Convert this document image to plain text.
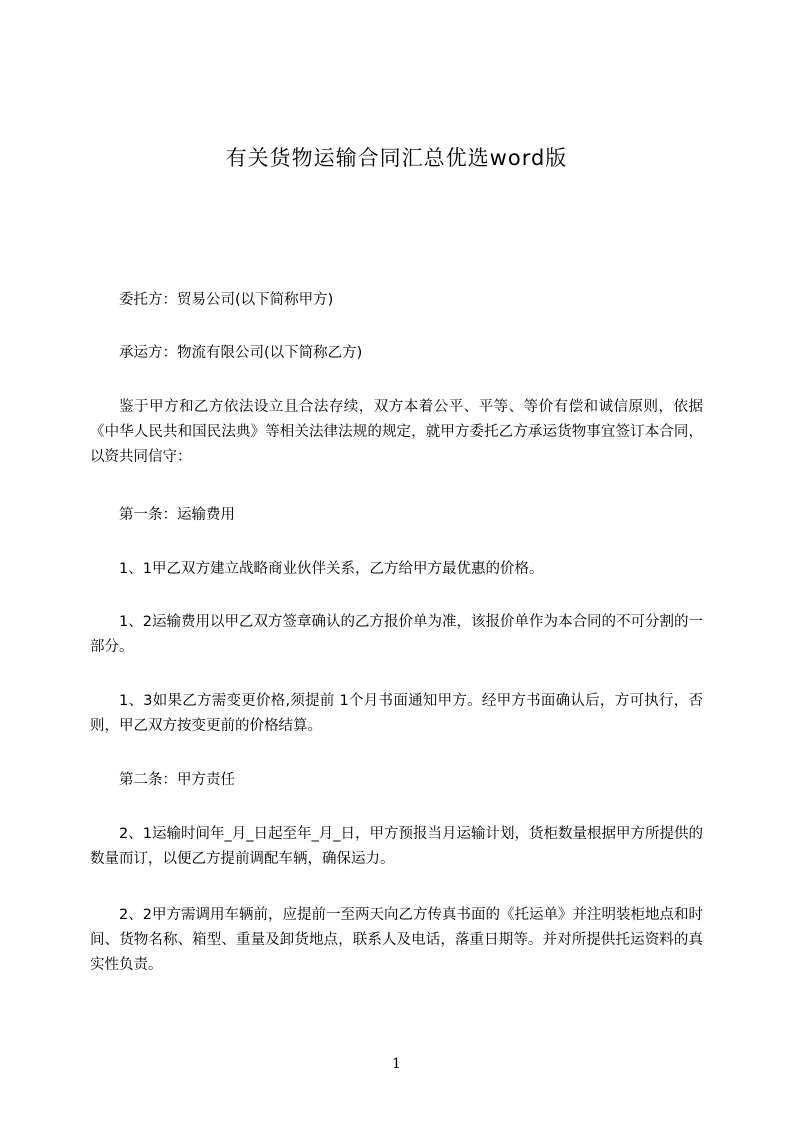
有关货物运输合同汇总优选word版

委托方：贸易公司(以下简称甲方)

承运方：物流有限公司(以下简称乙方)

鉴于甲方和乙方依法设立且合法存续，双方本着公平、平等、等价有偿和诚信原则，依据《中华人民共和国民法典》等相关法律法规的规定，就甲方委托乙方承运货物事宜签订本合同，以资共同信守：

第一条：运输费用

1、1甲乙双方建立战略商业伙伴关系，乙方给甲方最优惠的价格。

1、2运输费用以甲乙双方签章确认的乙方报价单为准，该报价单作为本合同的不可分割的一部分。

1、3如果乙方需变更价格,须提前 1个月书面通知甲方。经甲方书面确认后，方可执行，否则，甲乙双方按变更前的价格结算。

第二条：甲方责任

2、1运输时间年_月_日起至年_月_日，甲方预报当月运输计划，货柜数量根据甲方所提供的数量而订，以便乙方提前调配车辆，确保运力。

2、2甲方需调用车辆前，应提前一至两天向乙方传真书面的《托运单》并注明装柜地点和时间、货物名称、箱型、重量及卸货地点，联系人及电话，落重日期等。并对所提供托运资料的真实性负责。

1
